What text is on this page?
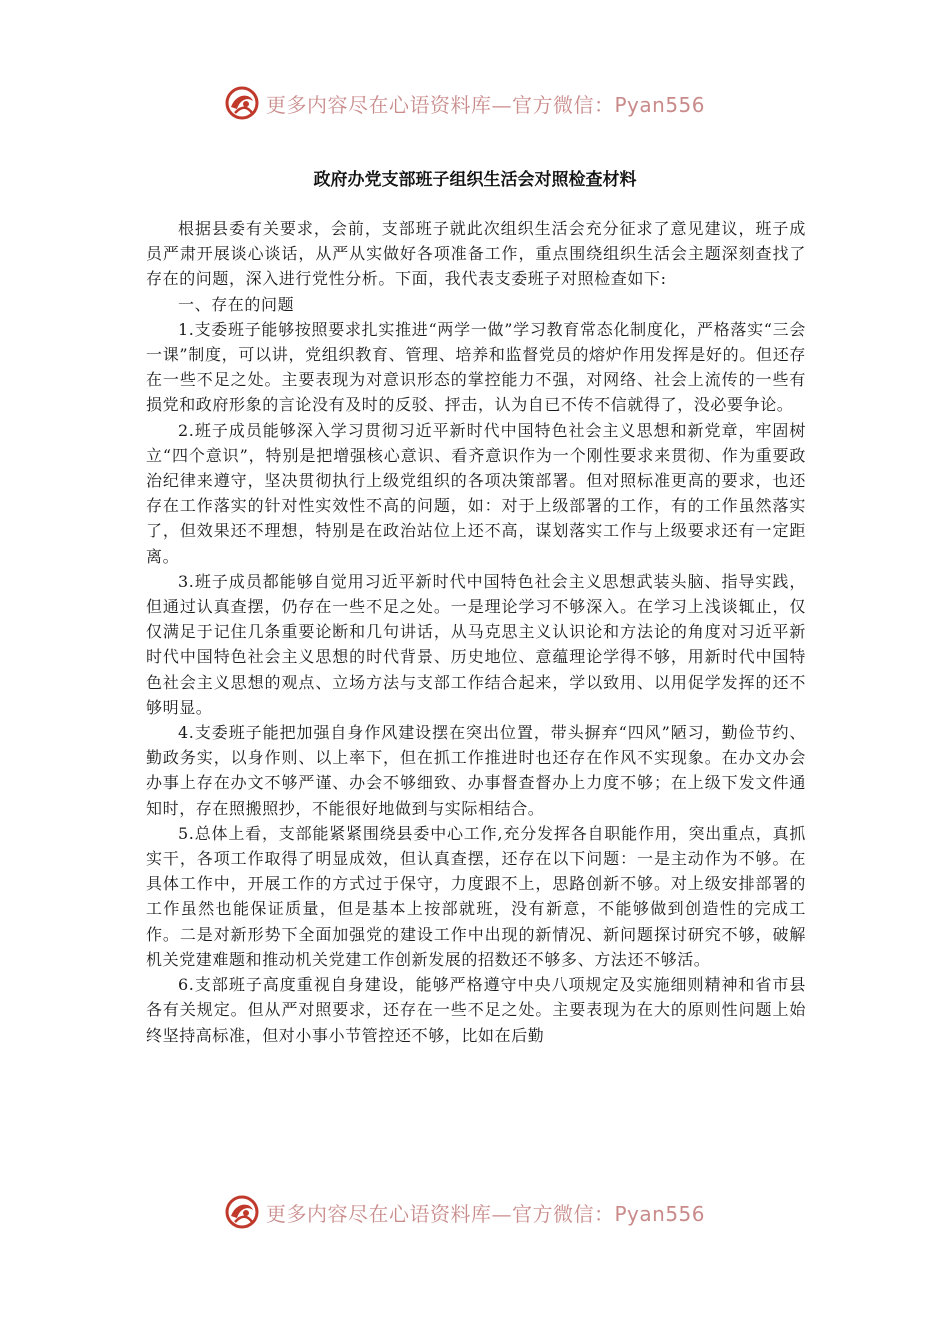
更多内容尽在心语资料库—官方微信：Pyan556
政府办党支部班子组织生活会对照检查材料

根据县委有关要求，会前，支部班子就此次组织生活会充分征求了意见建议，班子成员严肃开展谈心谈话，从严从实做好各项准备工作，重点围绕组织生活会主题深刻查找了存在的问题，深入进行党性分析。下面，我代表支委班子对照检查如下:

一、存在的问题

1.支委班子能够按照要求扎实推进“两学一做”学习教育常态化制度化，严格落实“三会一课”制度，可以讲，党组织教育、管理、培养和监督党员的熔炉作用发挥是好的。但还存在一些不足之处。主要表现为对意识形态的掌控能力不强，对网络、社会上流传的一些有损党和政府形象的言论没有及时的反驳、抨击，认为自已不传不信就得了，没必要争论。

2.班子成员能够深入学习贯彻习近平新时代中国特色社会主义思想和新党章，牢固树立“四个意识”，特别是把增强核心意识、看齐意识作为一个刚性要求来贯彻、作为重要政治纪律来遵守，坚决贯彻执行上级党组织的各项决策部署。但对照标准更高的要求，也还存在工作落实的针对性实效性不高的问题，如：对于上级部署的工作，有的工作虽然落实了，但效果还不理想，特别是在政治站位上还不高，谋划落实工作与上级要求还有一定距离。

3.班子成员都能够自觉用习近平新时代中国特色社会主义思想武装头脑、指导实践，但通过认真查摆，仍存在一些不足之处。一是理论学习不够深入。在学习上浅谈辄止，仅仅满足于记住几条重要论断和几句讲话，从马克思主义认识论和方法论的角度对习近平新时代中国特色社会主义思想的时代背景、历史地位、意蕴理论学得不够，用新时代中国特色社会主义思想的观点、立场方法与支部工作结合起来，学以致用、以用促学发挥的还不够明显。

4.支委班子能把加强自身作风建设摆在突出位置，带头摒弃“四风”陋习，勤俭节约、勤政务实，以身作则、以上率下，但在抓工作推进时也还存在作风不实现象。在办文办会办事上存在办文不够严谨、办会不够细致、办事督查督办上力度不够；在上级下发文件通知时，存在照搬照抄，不能很好地做到与实际相结合。

5.总体上看，支部能紧紧围绕县委中心工作,充分发挥各自职能作用，突出重点，真抓实干，各项工作取得了明显成效，但认真查摆，还存在以下问题：一是主动作为不够。在具体工作中，开展工作的方式过于保守，力度跟不上，思路创新不够。对上级安排部署的工作虽然也能保证质量，但是基本上按部就班，没有新意，不能够做到创造性的完成工作。二是对新形势下全面加强党的建设工作中出现的新情况、新问题探讨研究不够，破解机关党建难题和推动机关党建工作创新发展的招数还不够多、方法还不够活。

6.支部班子高度重视自身建设，能够严格遵守中央八项规定及实施细则精神和省市县各有关规定。但从严对照要求，还存在一些不足之处。主要表现为在大的原则性问题上始终坚持高标准，但对小事小节管控还不够，比如在后勤

更多内容尽在心语资料库—官方微信：Pyan556
